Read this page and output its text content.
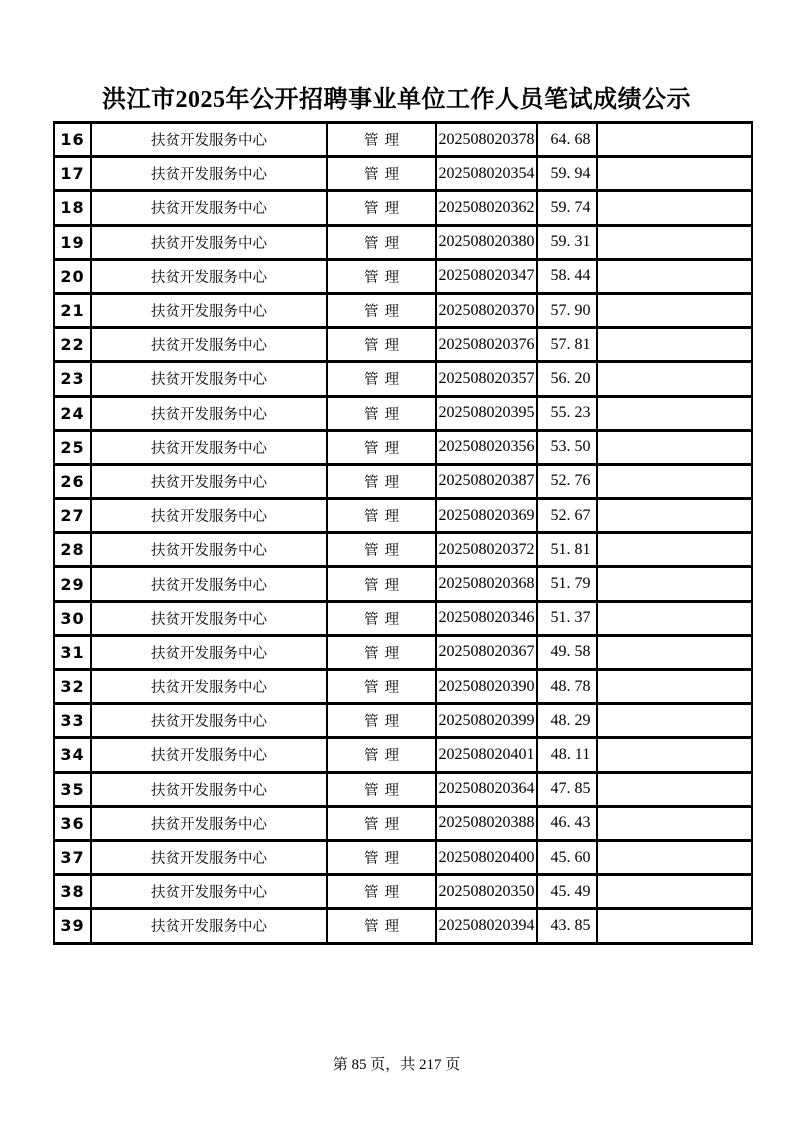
洪江市2025年公开招聘事业单位工作人员笔试成绩公示
16	扶贫开发服务中心	管理	202508020378	64. 68	
17	扶贫开发服务中心	管理	202508020354	59. 94	
18	扶贫开发服务中心	管理	202508020362	59. 74	
19	扶贫开发服务中心	管理	202508020380	59. 31	
20	扶贫开发服务中心	管理	202508020347	58. 44	
21	扶贫开发服务中心	管理	202508020370	57. 90	
22	扶贫开发服务中心	管理	202508020376	57. 81	
23	扶贫开发服务中心	管理	202508020357	56. 20	
24	扶贫开发服务中心	管理	202508020395	55. 23	
25	扶贫开发服务中心	管理	202508020356	53. 50	
26	扶贫开发服务中心	管理	202508020387	52. 76	
27	扶贫开发服务中心	管理	202508020369	52. 67	
28	扶贫开发服务中心	管理	202508020372	51. 81	
29	扶贫开发服务中心	管理	202508020368	51. 79	
30	扶贫开发服务中心	管理	202508020346	51. 37	
31	扶贫开发服务中心	管理	202508020367	49. 58	
32	扶贫开发服务中心	管理	202508020390	48. 78	
33	扶贫开发服务中心	管理	202508020399	48. 29	
34	扶贫开发服务中心	管理	202508020401	48. 11	
35	扶贫开发服务中心	管理	202508020364	47. 85	
36	扶贫开发服务中心	管理	202508020388	46. 43	
37	扶贫开发服务中心	管理	202508020400	45. 60	
38	扶贫开发服务中心	管理	202508020350	45. 49	
39	扶贫开发服务中心	管理	202508020394	43. 85	
第 85 页，共 217 页
